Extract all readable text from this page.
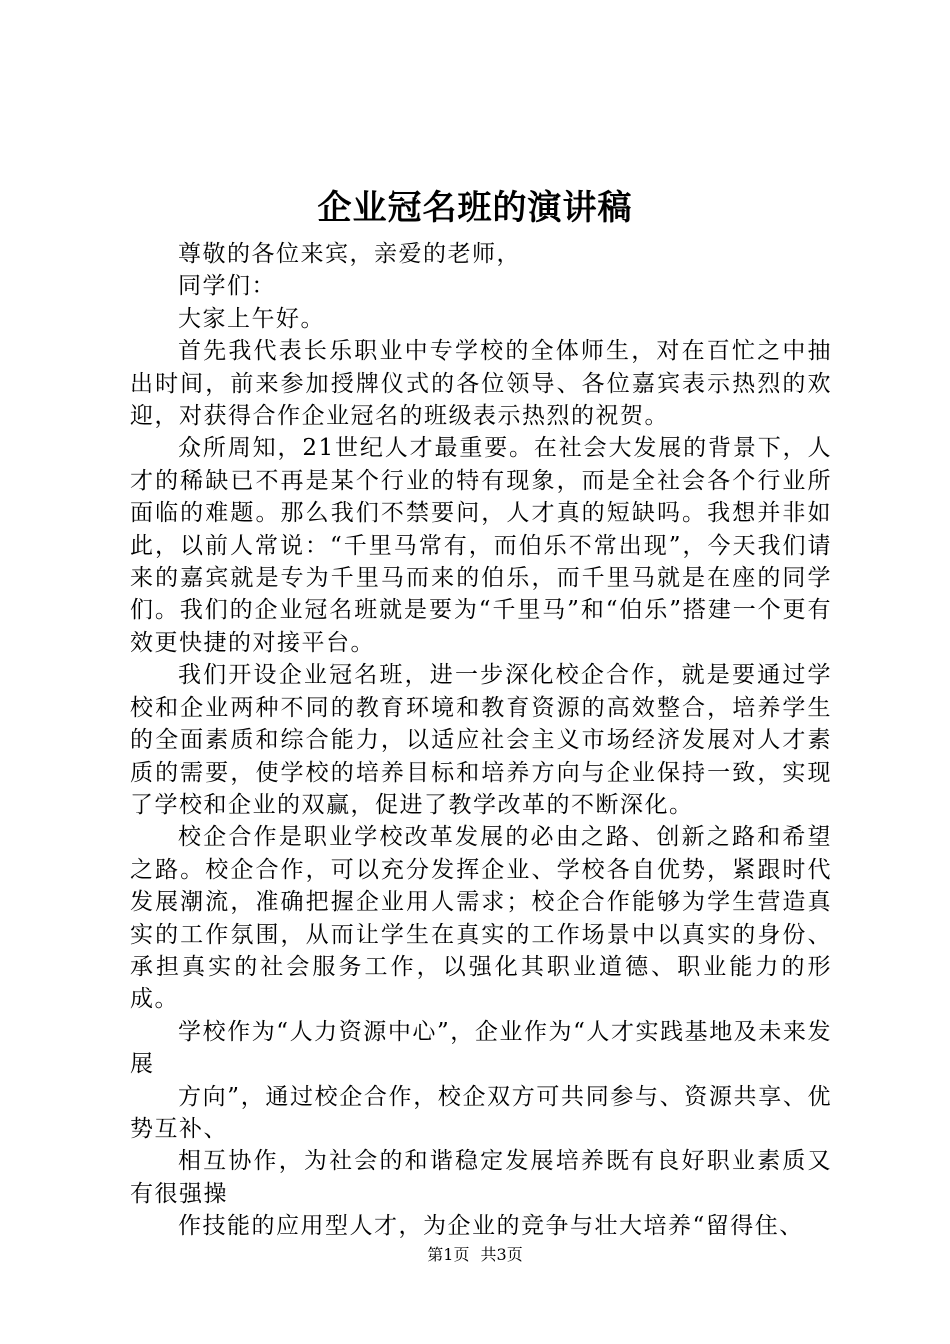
企业冠名班的演讲稿

尊敬的各位来宾，亲爱的老师，

同学们：

大家上午好。

首先我代表长乐职业中专学校的全体师生，对在百忙之中抽出时间，前来参加授牌仪式的各位领导、各位嘉宾表示热烈的欢迎，对获得合作企业冠名的班级表示热烈的祝贺。

众所周知，21世纪人才最重要。在社会大发展的背景下，人才的稀缺已不再是某个行业的特有现象，而是全社会各个行业所面临的难题。那么我们不禁要问，人才真的短缺吗。我想并非如此，以前人常说：“千里马常有，而伯乐不常出现”，今天我们请来的嘉宾就是专为千里马而来的伯乐，而千里马就是在座的同学们。我们的企业冠名班就是要为“千里马”和“伯乐”搭建一个更有效更快捷的对接平台。

我们开设企业冠名班，进一步深化校企合作，就是要通过学校和企业两种不同的教育环境和教育资源的高效整合，培养学生的全面素质和综合能力，以适应社会主义市场经济发展对人才素质的需要，使学校的培养目标和培养方向与企业保持一致，实现了学校和企业的双赢，促进了教学改革的不断深化。

校企合作是职业学校改革发展的必由之路、创新之路和希望之路。校企合作，可以充分发挥企业、学校各自优势，紧跟时代发展潮流，准确把握企业用人需求；校企合作能够为学生营造真实的工作氛围，从而让学生在真实的工作场景中以真实的身份、承担真实的社会服务工作，以强化其职业道德、职业能力的形成。

学校作为“人力资源中心”，企业作为“人才实践基地及未来发展

方向”，通过校企合作，校企双方可共同参与、资源共享、优势互补、

相互协作，为社会的和谐稳定发展培养既有良好职业素质又有很强操

作技能的应用型人才，为企业的竞争与壮大培养“留得住、

第1页 共3页
